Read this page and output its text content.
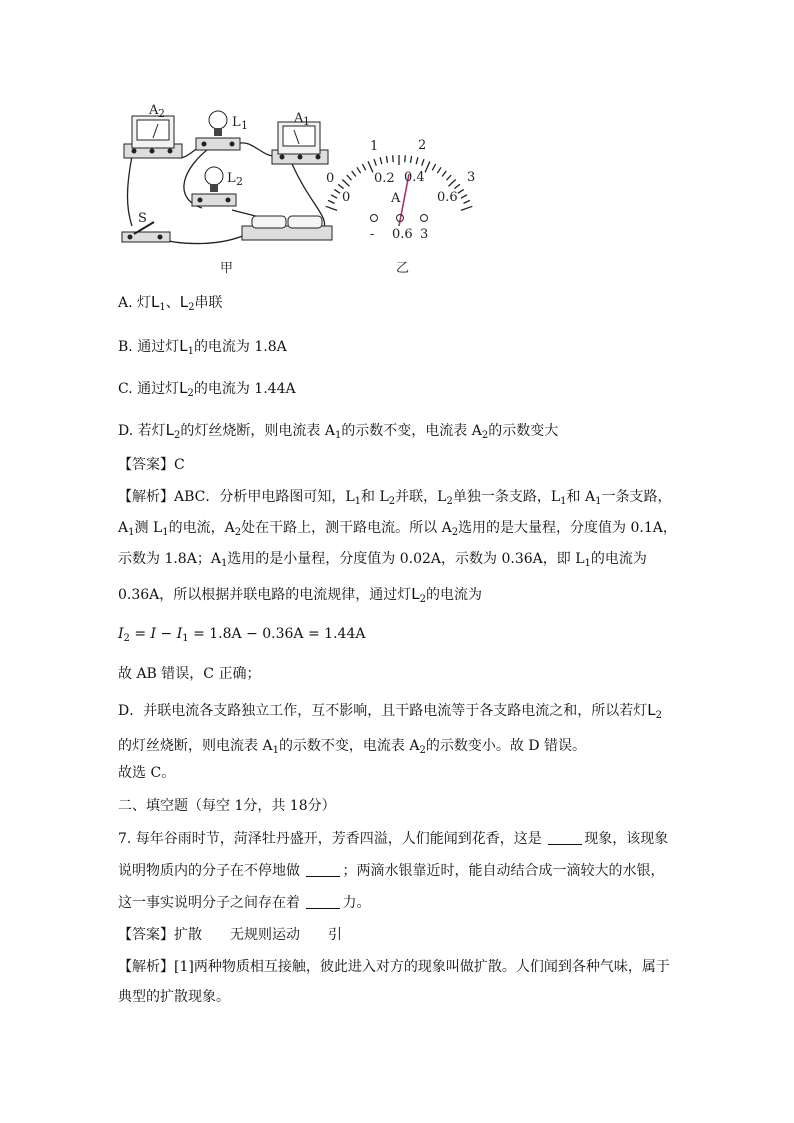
A 2
L 1	A 1
L 2
S
0
1	2
3
0
0.2 0.4
0.6
A
- 0.6 3
甲	乙
A. 灯$L_1$、$L_2$串联
B. 通过灯$L_1$的电流为 1.8A
C. 通过灯$L_2$的电流为 1.44A
D. 若灯$L_2$的灯丝烧断，则电流表 $A_1$的示数不变，电流表 $A_2$的示数变大
【答案】C
【解析】ABC．分析甲电路图可知，$L_1$和 $L_2$并联，$L_2$单独一条支路，$L_1$和 $A_1$一条支路，
$A_1$测 $L_1$的电流，$A_2$处在干路上，测干路电流。所以 $A_2$选用的是大量程，分度值为 0.1A，
示数为 1.8A；$A_1$选用的是小量程，分度值为 0.02A，示数为 0.36A，即 $L_1$的电流为
0.36A，所以根据并联电路的电流规律，通过灯$L_2$的电流为
$I_2 = I - I_1 = 1.8A - 0.36A = 1.44A$
故 AB 错误，C 正确；
D．并联电流各支路独立工作，互不影响，且干路电流等于各支路电流之和，所以若灯$L_2$
的灯丝烧断，则电流表 $A_1$的示数不变，电流表 $A_2$的示数变小。故 D 错误。
故选 C。
二、填空题（每空 1分，共 18分）
7. 每年谷雨时节，菏泽牡丹盛开，芳香四溢，人们能闻到花香，这是	现象，该现象
说明物质内的分子在不停地做	；两滴水银靠近时，能自动结合成一滴较大的水银，
这一事实说明分子之间存在着	力。
【答案】扩散　　无规则运动　　引
【解析】[1]两种物质相互接触，彼此进入对方的现象叫做扩散。人们闻到各种气味，属于
典型的扩散现象。
